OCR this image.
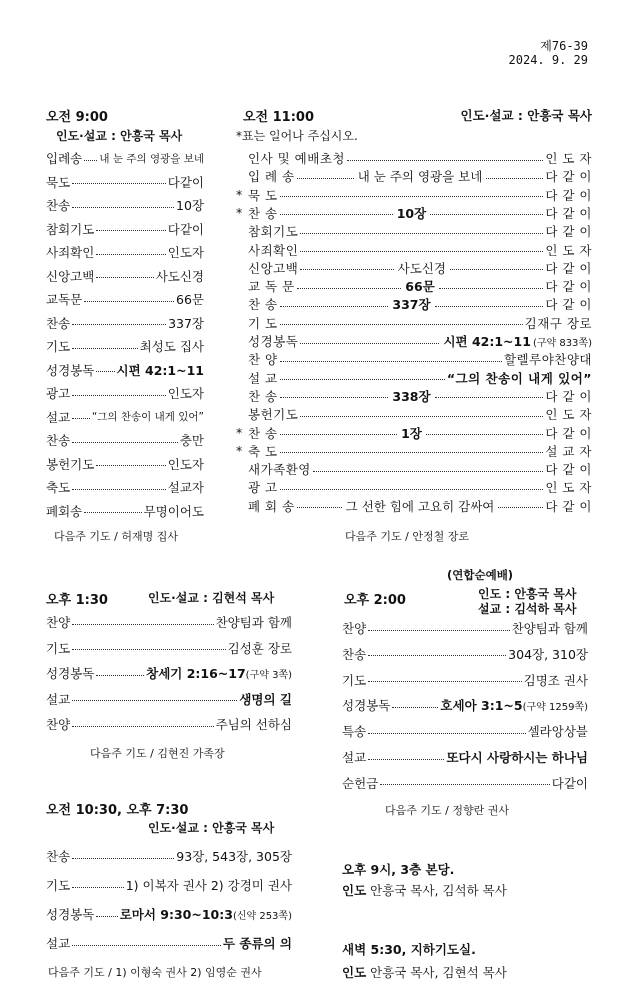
제76-39
2024. 9. 29
오전 9:00
인도·설교 : 안흥국 목사
입례송 내 눈 주의 영광을 보네
묵도	다같이
찬송	10장
참회기도	다같이
사죄확인	인도자
신앙고백	사도신경
교독문	66문
찬송	337장
기도	최성도 집사
성경봉독 시편 42:1~11
광고	인도자
설교 “그의 찬송이 내게 있어”
찬송	충만
봉헌기도	인도자
축도	설교자
폐회송	무명이어도
다음주 기도 / 허재명 집사
오전 11:00	인도·설교 : 안흥국 목사
*표는 일어나 주십시오.
인사 및 예배초청	인 도 자
입 례 송	내 눈 주의 영광을 보네	다 같 이
* 묵 도	다 같 이
* 찬 송	10장	다 같 이
참회기도	다 같 이
사죄확인	인 도 자
신앙고백	사도신경	다 같 이
교 독 문	66문	다 같 이
찬 송	337장	다 같 이
기 도	김재구 장로
성경봉독	시편 42:1~11 (구약 833쪽)
찬 양	할렐루야찬양대
설 교	“그의 찬송이 내게 있어”
찬 송	338장	다 같 이
봉헌기도	인 도 자
* 찬 송	1장	다 같 이
* 축 도	설 교 자
새가족환영	다 같 이
광 고	인 도 자
폐 회 송	그 선한 힘에 고요히 감싸여	다 같 이
다음주 기도 / 안정철 장로
오후 1:30	인도·설교 : 김현석 목사
찬양	찬양팀과 함께
기도	김성훈 장로
성경봉독	창세기 2:16~17 (구약 3쪽)
설교	생명의 길
찬양	주님의 선하심
다음주 기도 / 김현진 가족장
(연합순예배)
오후 2:00	인도 : 안흥국 목사
설교 : 김석하 목사
찬양	찬양팀과 함께
찬송	304장, 310장
기도	김명조 권사
성경봉독	호세아 3:1~5 (구약 1259쪽)
특송	셀라앙상블
설교	또다시 사랑하시는 하나님
순헌금	다같이
다음주 기도 / 정향란 권사
오전 10:30, 오후 7:30
인도·설교 : 안흥국 목사
찬송	93장, 543장, 305장
기도	1) 이복자 권사 2) 강경미 권사
성경봉독 로마서 9:30~10:3 (신약 253쪽)
설교	두 종류의 의
다음주 기도 / 1) 이형숙 권사 2) 임영순 권사
오후 9시, 3층 본당.
인도 안흥국 목사, 김석하 목사
새벽 5:30, 지하기도실.
인도 안흥국 목사, 김현석 목사
